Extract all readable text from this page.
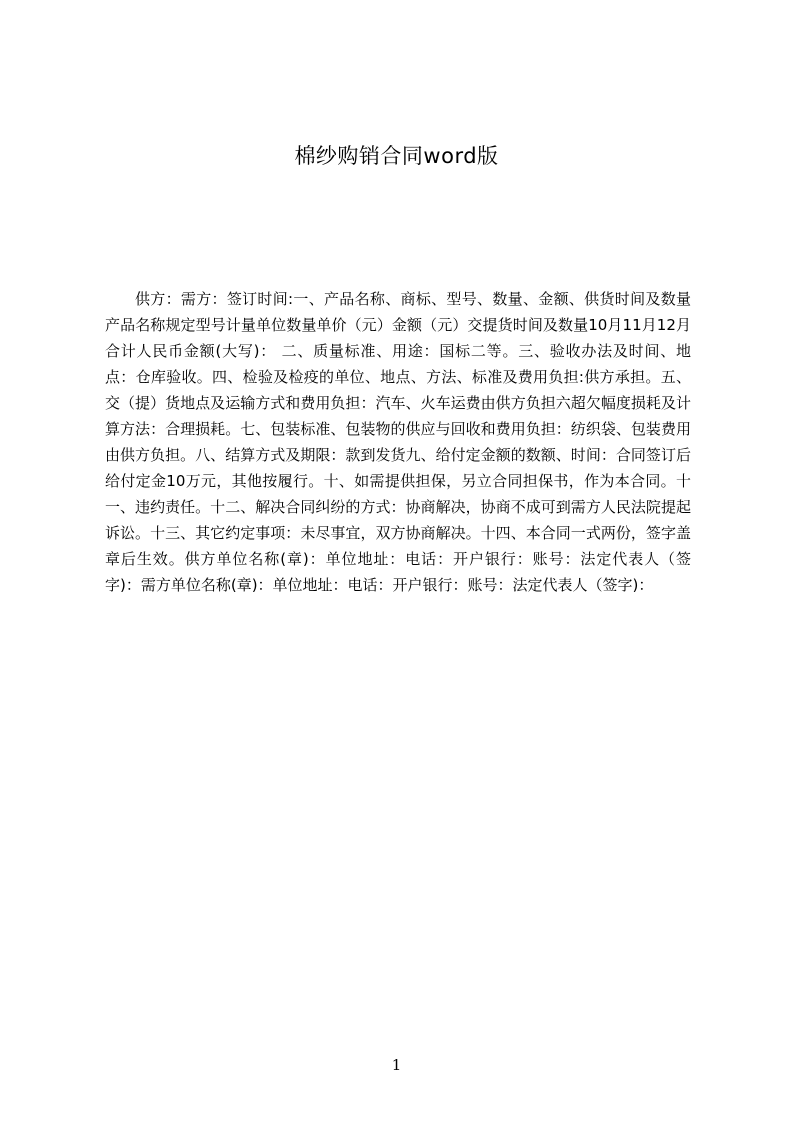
棉纱购销合同word版

供方：需方：签订时间:一、产品名称、商标、型号、数量、金额、供货时间及数量产品名称规定型号计量单位数量单价（元）金额（元）交提货时间及数量10月11月12月合计人民币金额(大写)： 二、质量标准、用途：国标二等。三、验收办法及时间、地点：仓库验收。四、检验及检疫的单位、地点、方法、标准及费用负担:供方承担。五、交（提）货地点及运输方式和费用负担：汽车、火车运费由供方负担六超欠幅度损耗及计算方法：合理损耗。七、包装标准、包装物的供应与回收和费用负担：纺织袋、包装费用由供方负担。八、结算方式及期限：款到发货九、给付定金额的数额、时间：合同签订后给付定金10万元，其他按履行。十、如需提供担保，另立合同担保书，作为本合同。十一、违约责任。十二、解决合同纠纷的方式：协商解决，协商不成可到需方人民法院提起诉讼。十三、其它约定事项：未尽事宜，双方协商解决。十四、本合同一式两份，签字盖章后生效。供方单位名称(章)：单位地址：电话：开户银行：账号：法定代表人（签字)：需方单位名称(章)：单位地址：电话：开户银行：账号：法定代表人（签字)：

1
